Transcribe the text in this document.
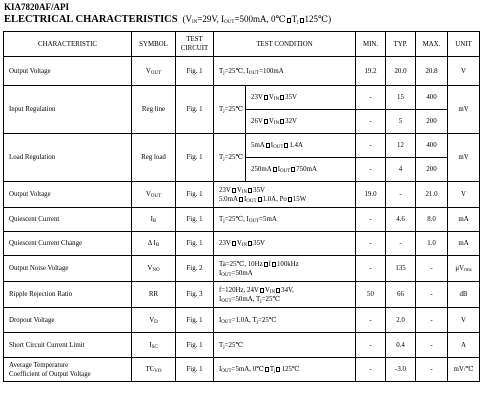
KIA7820AF/API
ELECTRICAL CHARACTERISTICS  ($V_{IN}=29V$, $I_{OUT}=500mA$, 0℃ $T_j$ 125℃)
CHARACTERISTIC	SYMBOL	TEST
CIRCUIT	TEST CONDITION		MIN.	TYP.	MAX.	UNIT
Output Voltage	$V_{OUT}$	Fig. 1	$T_j=25℃$, $I_{OUT}=100mA$		19.2	20.0	20.8	V
Input Regulation	Reg line	Fig. 1	$T_j=25℃$	23V $V_{IN}$ 35V	-	15	400	mV
				26V $V_{IN}$ 32V	-	5	200	
Load Regulation	Reg load	Fig. 1	$T_j=25℃$	5mA $I_{OUT}$ 1.4A	-	12	400	mV
				250mA $I_{OUT}$ 750mA	-	4	200	
Output Voltage	$V_{OUT}$	Fig. 1	23V $V_{IN}$ 35V
5.0mA $I_{OUT}$ 1.0A, Po 15W		19.0	-	21.0	V
Quiescent Current	$I_B$	Fig. 1	$T_j=25℃$, $I_{OUT}=5mA$		-	4.6	8.0	mA
Quiescent Current Change	Δ $I_B$	Fig. 1	23V $V_{IN}$ 35V		-	-	1.0	mA
Output Noise Voltage	$V_{NO}$	Fig. 2	Ta=25℃, 10Hz f 100kHz
$I_{OUT}=50mA$		-	135	-	$\mu V_{rms}$
Ripple Rejection Ratio	RR	Fig. 3	f=120Hz, 24V $V_{IN}$ 34V,
$I_{OUT}=50mA$, $T_j=25℃$		50	66	-	dB
Dropout Voltage	$V_D$	Fig. 1	$I_{OUT}=1.0A$, $T_j=25℃$		-	2.0	-	V
Short Circuit Current Limit	$I_{SC}$	Fig. 1	$T_j=25℃$		-	0.4	-	A
Average Temperature
Coefficient of Output Voltage	$TC_{VO}$	Fig. 1	$I_{OUT}=5mA$, 0℃ $T_j$ 125℃		-	-3.0	-	mV/℃
